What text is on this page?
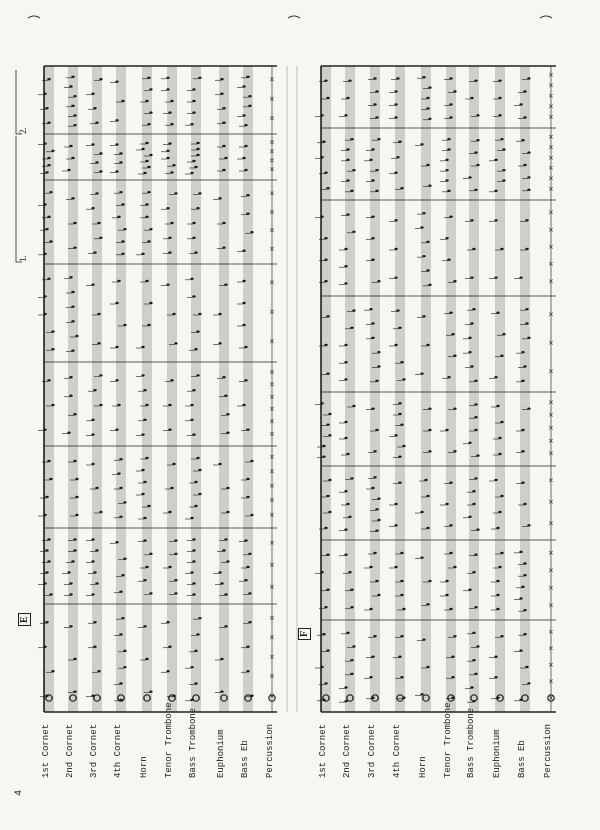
×
×
×
×
×
×
×
×
×
×
×
×
×
×
×
×
×
×
×
×
×
×
×
×
×
×
×
×
×
×
×
×
×
×
×
×
×
×
×
×
×
×
×
×
×
×
×
×
×
×
×
×
×
×
×
×
×
×
×
×
×
×
×
×
×
×
×
×
×
4
1st Cornet 2nd Cornet 3rd Cornet 4th Cornet Horn Tenor Trombone Bass Trombone Euphonium Bass Eb Percussion	1st Cornet 2nd Cornet 3rd Cornet 4th Cornet Horn Tenor Trombone Bass Trombone Euphonium Bass Eb Percussion
E
F
1.
2.
